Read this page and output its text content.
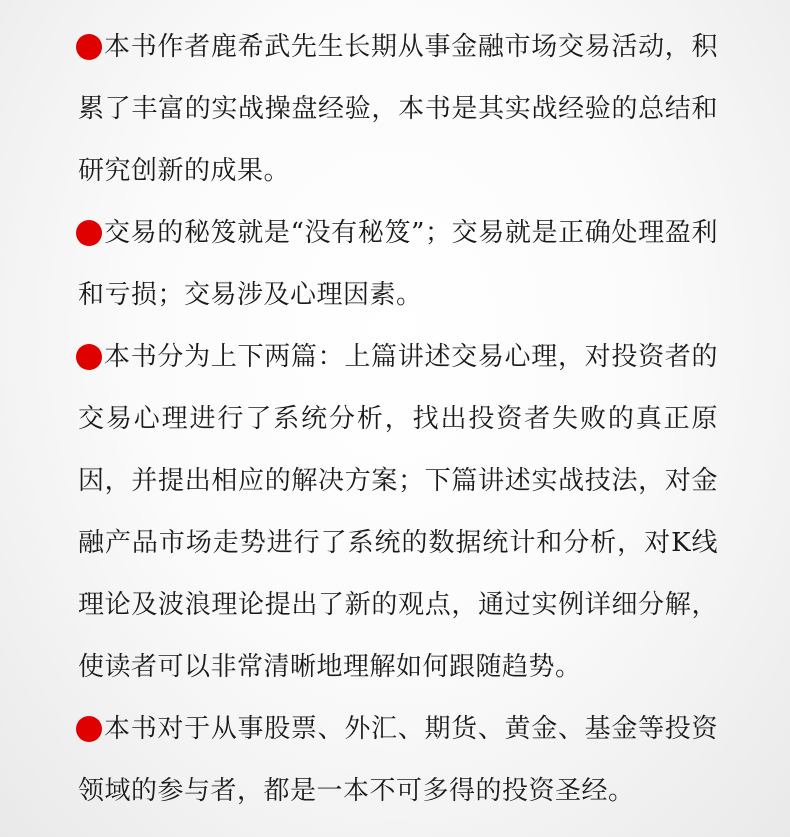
本书作者鹿希武先生长期从事金融市场交易活动，积累了丰富的实战操盘经验，本书是其实战经验的总结和研究创新的成果。
交易的秘笈就是“没有秘笈”；交易就是正确处理盈利和亏损；交易涉及心理因素。
本书分为上下两篇：上篇讲述交易心理，对投资者的交易心理进行了系统分析，找出投资者失败的真正原因，并提出相应的解决方案；下篇讲述实战技法，对金融产品市场走势进行了系统的数据统计和分析，对K线理论及波浪理论提出了新的观点，通过实例详细分解，使读者可以非常清晰地理解如何跟随趋势。
本书对于从事股票、外汇、期货、黄金、基金等投资领域的参与者，都是一本不可多得的投资圣经。
